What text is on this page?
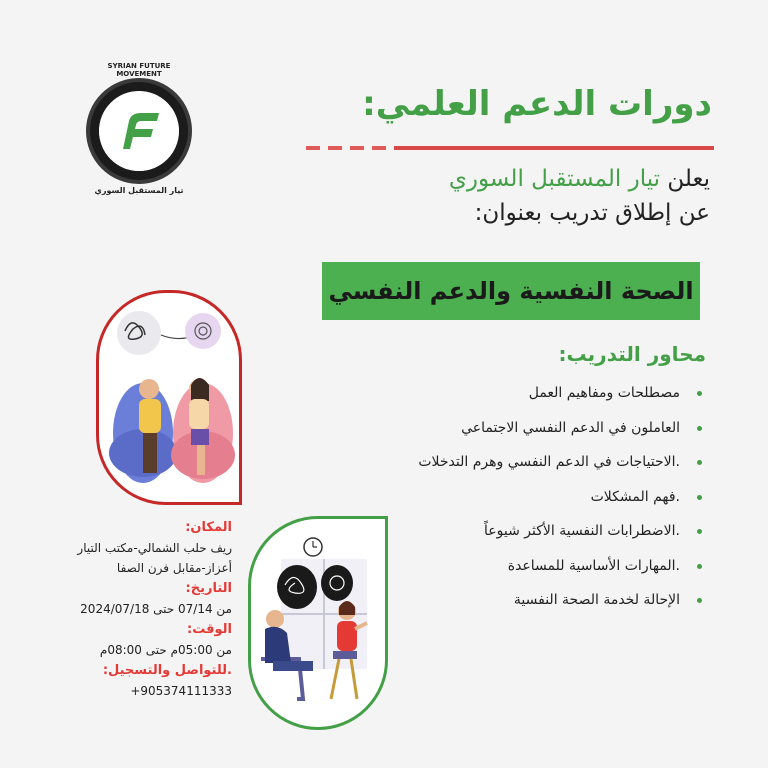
SYRIAN FUTURE MOVEMENT
تيار المستقبل السوري
دورات الدعم العلمي:
يعلن تيار المستقبل السوري
عن إطلاق تدريب بعنوان:
الصحة النفسية والدعم النفسي
محاور التدريب:
مصطلحات ومفاهيم العمل
العاملون في الدعم النفسي الاجتماعي
.الاحتياجات في الدعم النفسي وهرم التدخلات
.فهم المشكلات
.الاضطرابات النفسية الأكثر شيوعاً
.المهارات الأساسية للمساعدة
الإحالة لخدمة الصحة النفسية
المكان:
ريف حلب الشمالي-مكتب التيار
أعزاز-مقابل فرن الصفا
التاريخ:
من 07/14 حتى 2024/07/18
الوقت:
من 05:00م حتى 08:00م
.للتواصل والتسجيل:
+905374111333
